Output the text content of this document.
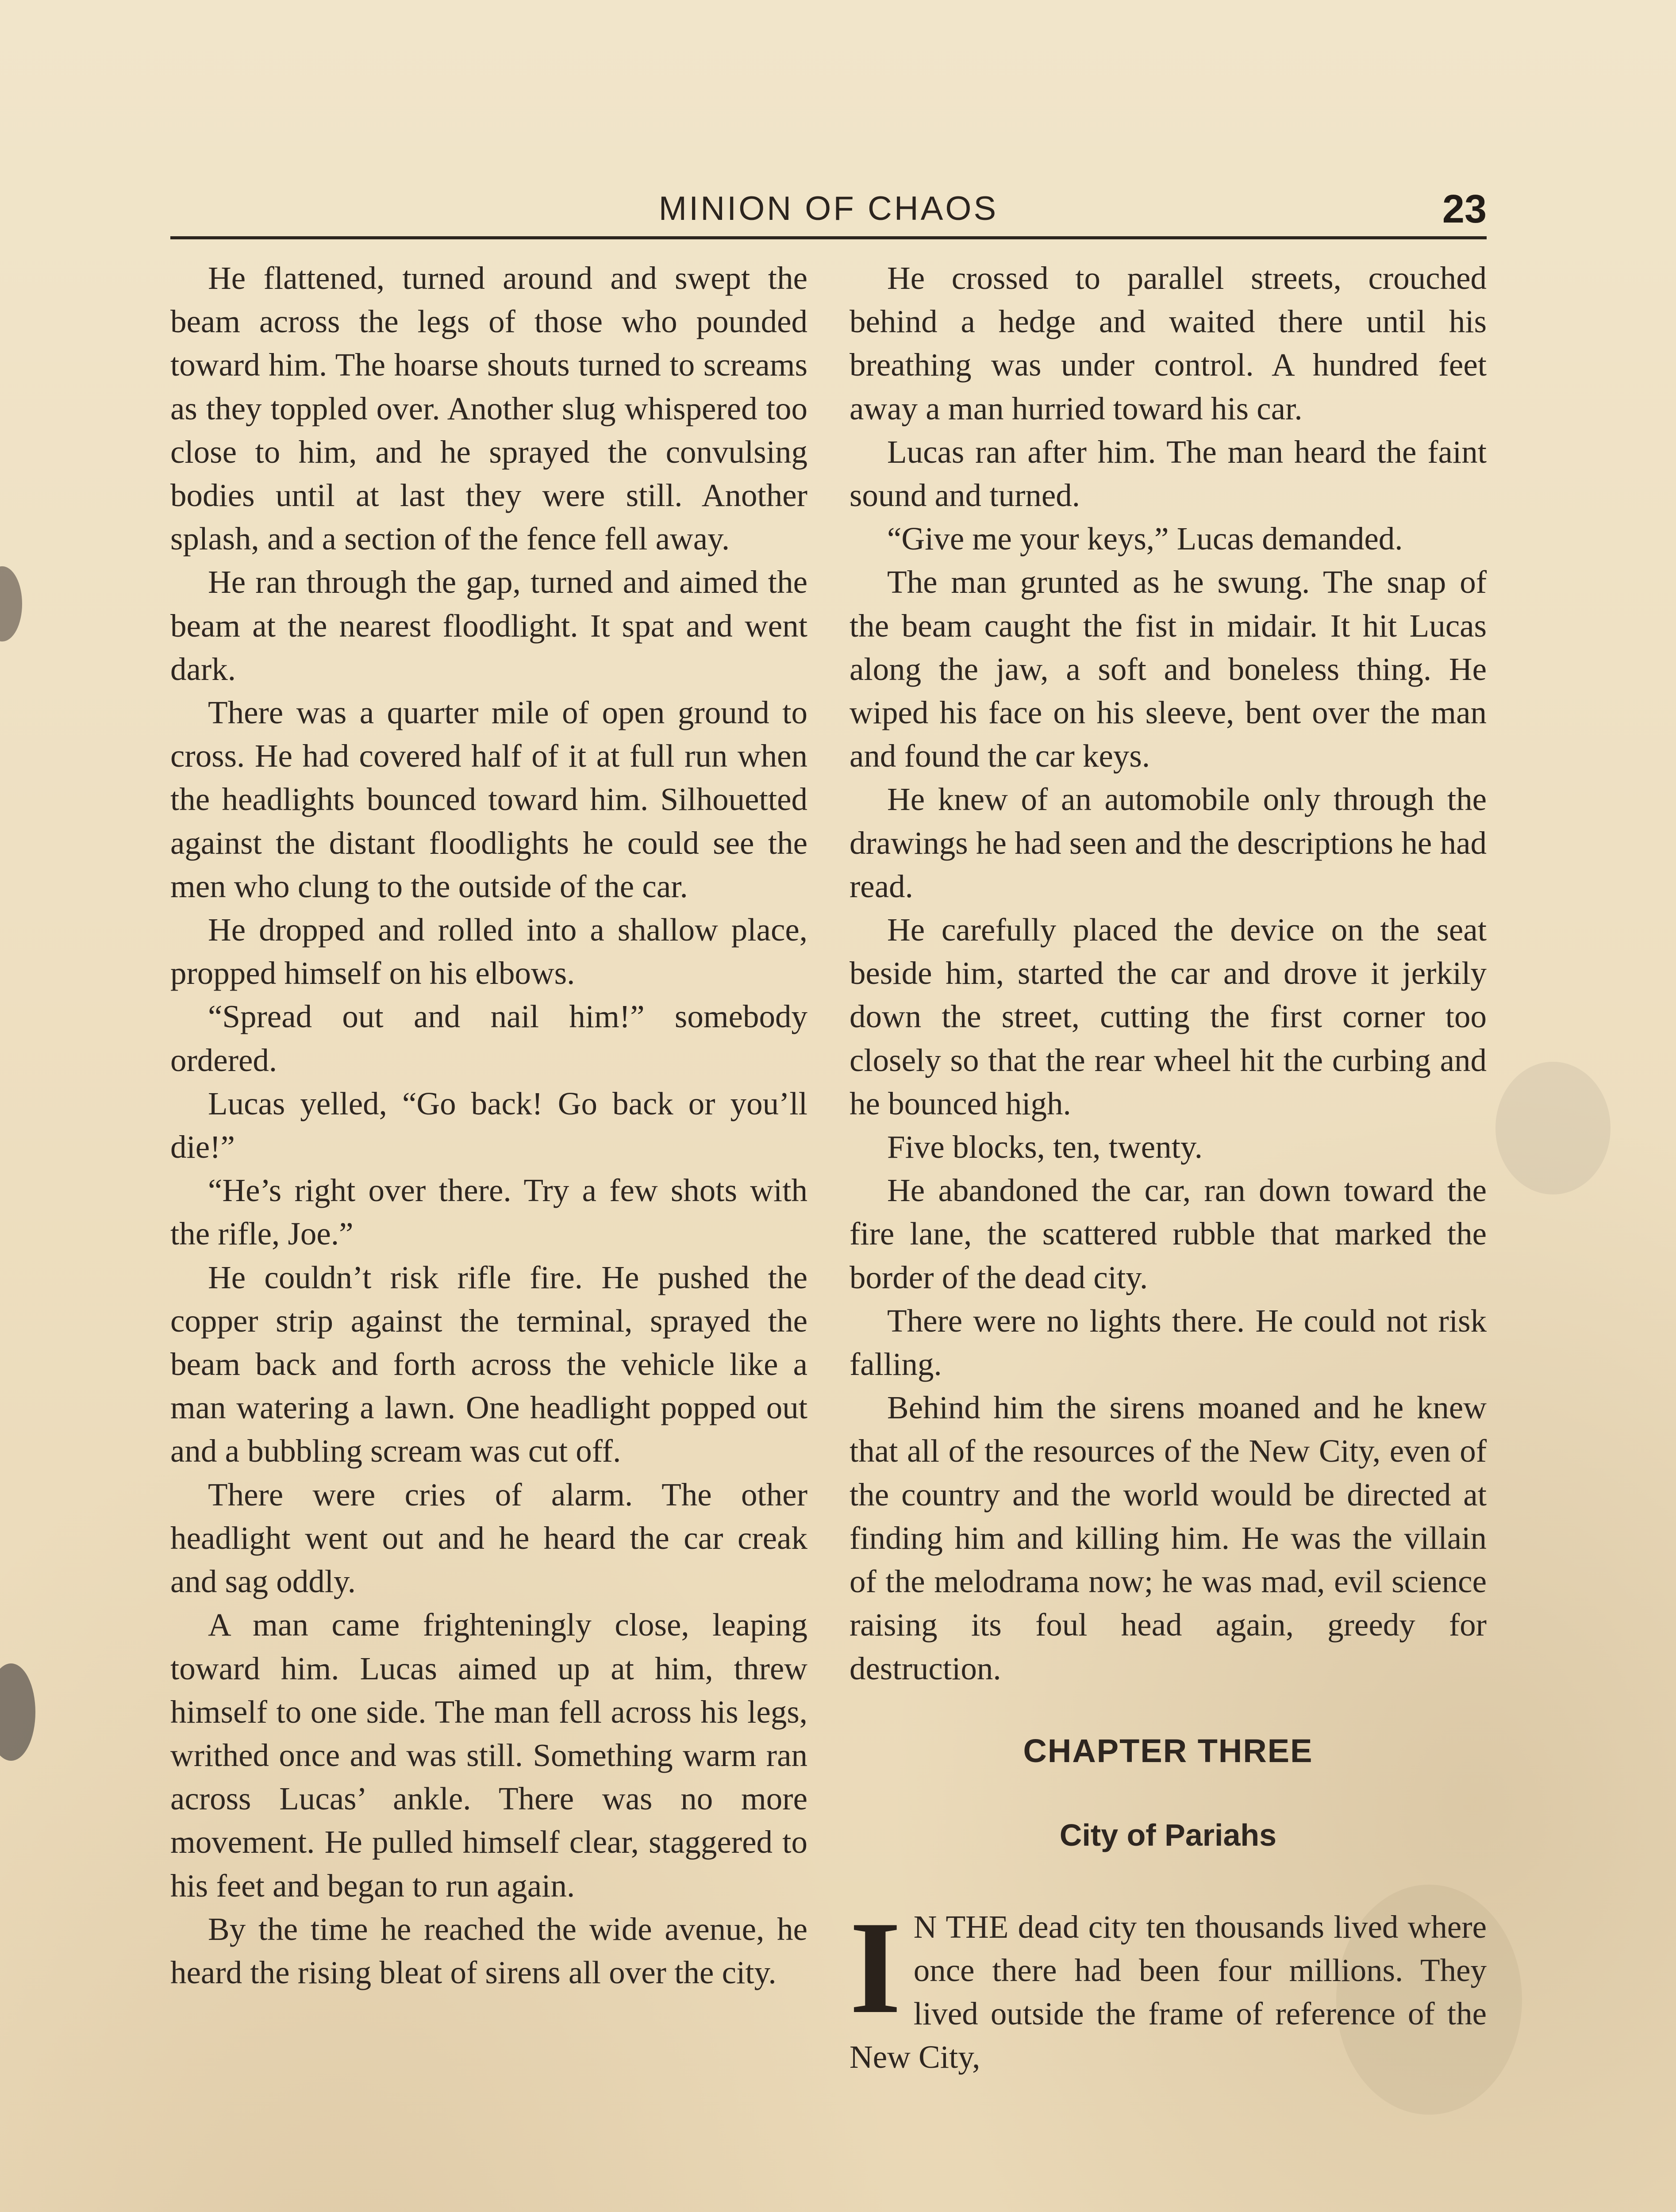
MINION OF CHAOS	23

He flattened, turned around and swept the beam across the legs of those who pounded toward him. The hoarse shouts turned to screams as they toppled over. Another slug whispered too close to him, and he sprayed the convulsing bodies until at last they were still. Another splash, and a section of the fence fell away.

He ran through the gap, turned and aimed the beam at the nearest floodlight. It spat and went dark.

There was a quarter mile of open ground to cross. He had covered half of it at full run when the headlights bounced toward him. Silhouetted against the distant floodlights he could see the men who clung to the outside of the car.

He dropped and rolled into a shallow place, propped himself on his elbows.

“Spread out and nail him!” somebody ordered.

Lucas yelled, “Go back! Go back or you’ll die!”

“He’s right over there. Try a few shots with the rifle, Joe.”

He couldn’t risk rifle fire. He pushed the copper strip against the terminal, sprayed the beam back and forth across the vehicle like a man watering a lawn. One headlight popped out and a bubbling scream was cut off.

There were cries of alarm. The other headlight went out and he heard the car creak and sag oddly.

A man came frighteningly close, leaping toward him. Lucas aimed up at him, threw himself to one side. The man fell across his legs, writhed once and was still. Something warm ran across Lucas’ ankle. There was no more movement. He pulled himself clear, staggered to his feet and began to run again.

By the time he reached the wide avenue, he heard the rising bleat of sirens all over the city.

He crossed to parallel streets, crouched behind a hedge and waited there until his breathing was under control. A hundred feet away a man hurried toward his car.

Lucas ran after him. The man heard the faint sound and turned.

“Give me your keys,” Lucas demanded.

The man grunted as he swung. The snap of the beam caught the fist in midair. It hit Lucas along the jaw, a soft and boneless thing. He wiped his face on his sleeve, bent over the man and found the car keys.

He knew of an automobile only through the drawings he had seen and the descriptions he had read.

He carefully placed the device on the seat beside him, started the car and drove it jerkily down the street, cutting the first corner too closely so that the rear wheel hit the curbing and he bounced high.

Five blocks, ten, twenty.

He abandoned the car, ran down toward the fire lane, the scattered rubble that marked the border of the dead city.

There were no lights there. He could not risk falling.

Behind him the sirens moaned and he knew that all of the resources of the New City, even of the country and the world would be directed at finding him and killing him. He was the villain of the melodrama now; he was mad, evil science raising its foul head again, greedy for destruction.

CHAPTER THREE
City of Pariahs

I N THE dead city ten thousands lived where once there had been four millions. They lived outside the frame of reference of the New City,
